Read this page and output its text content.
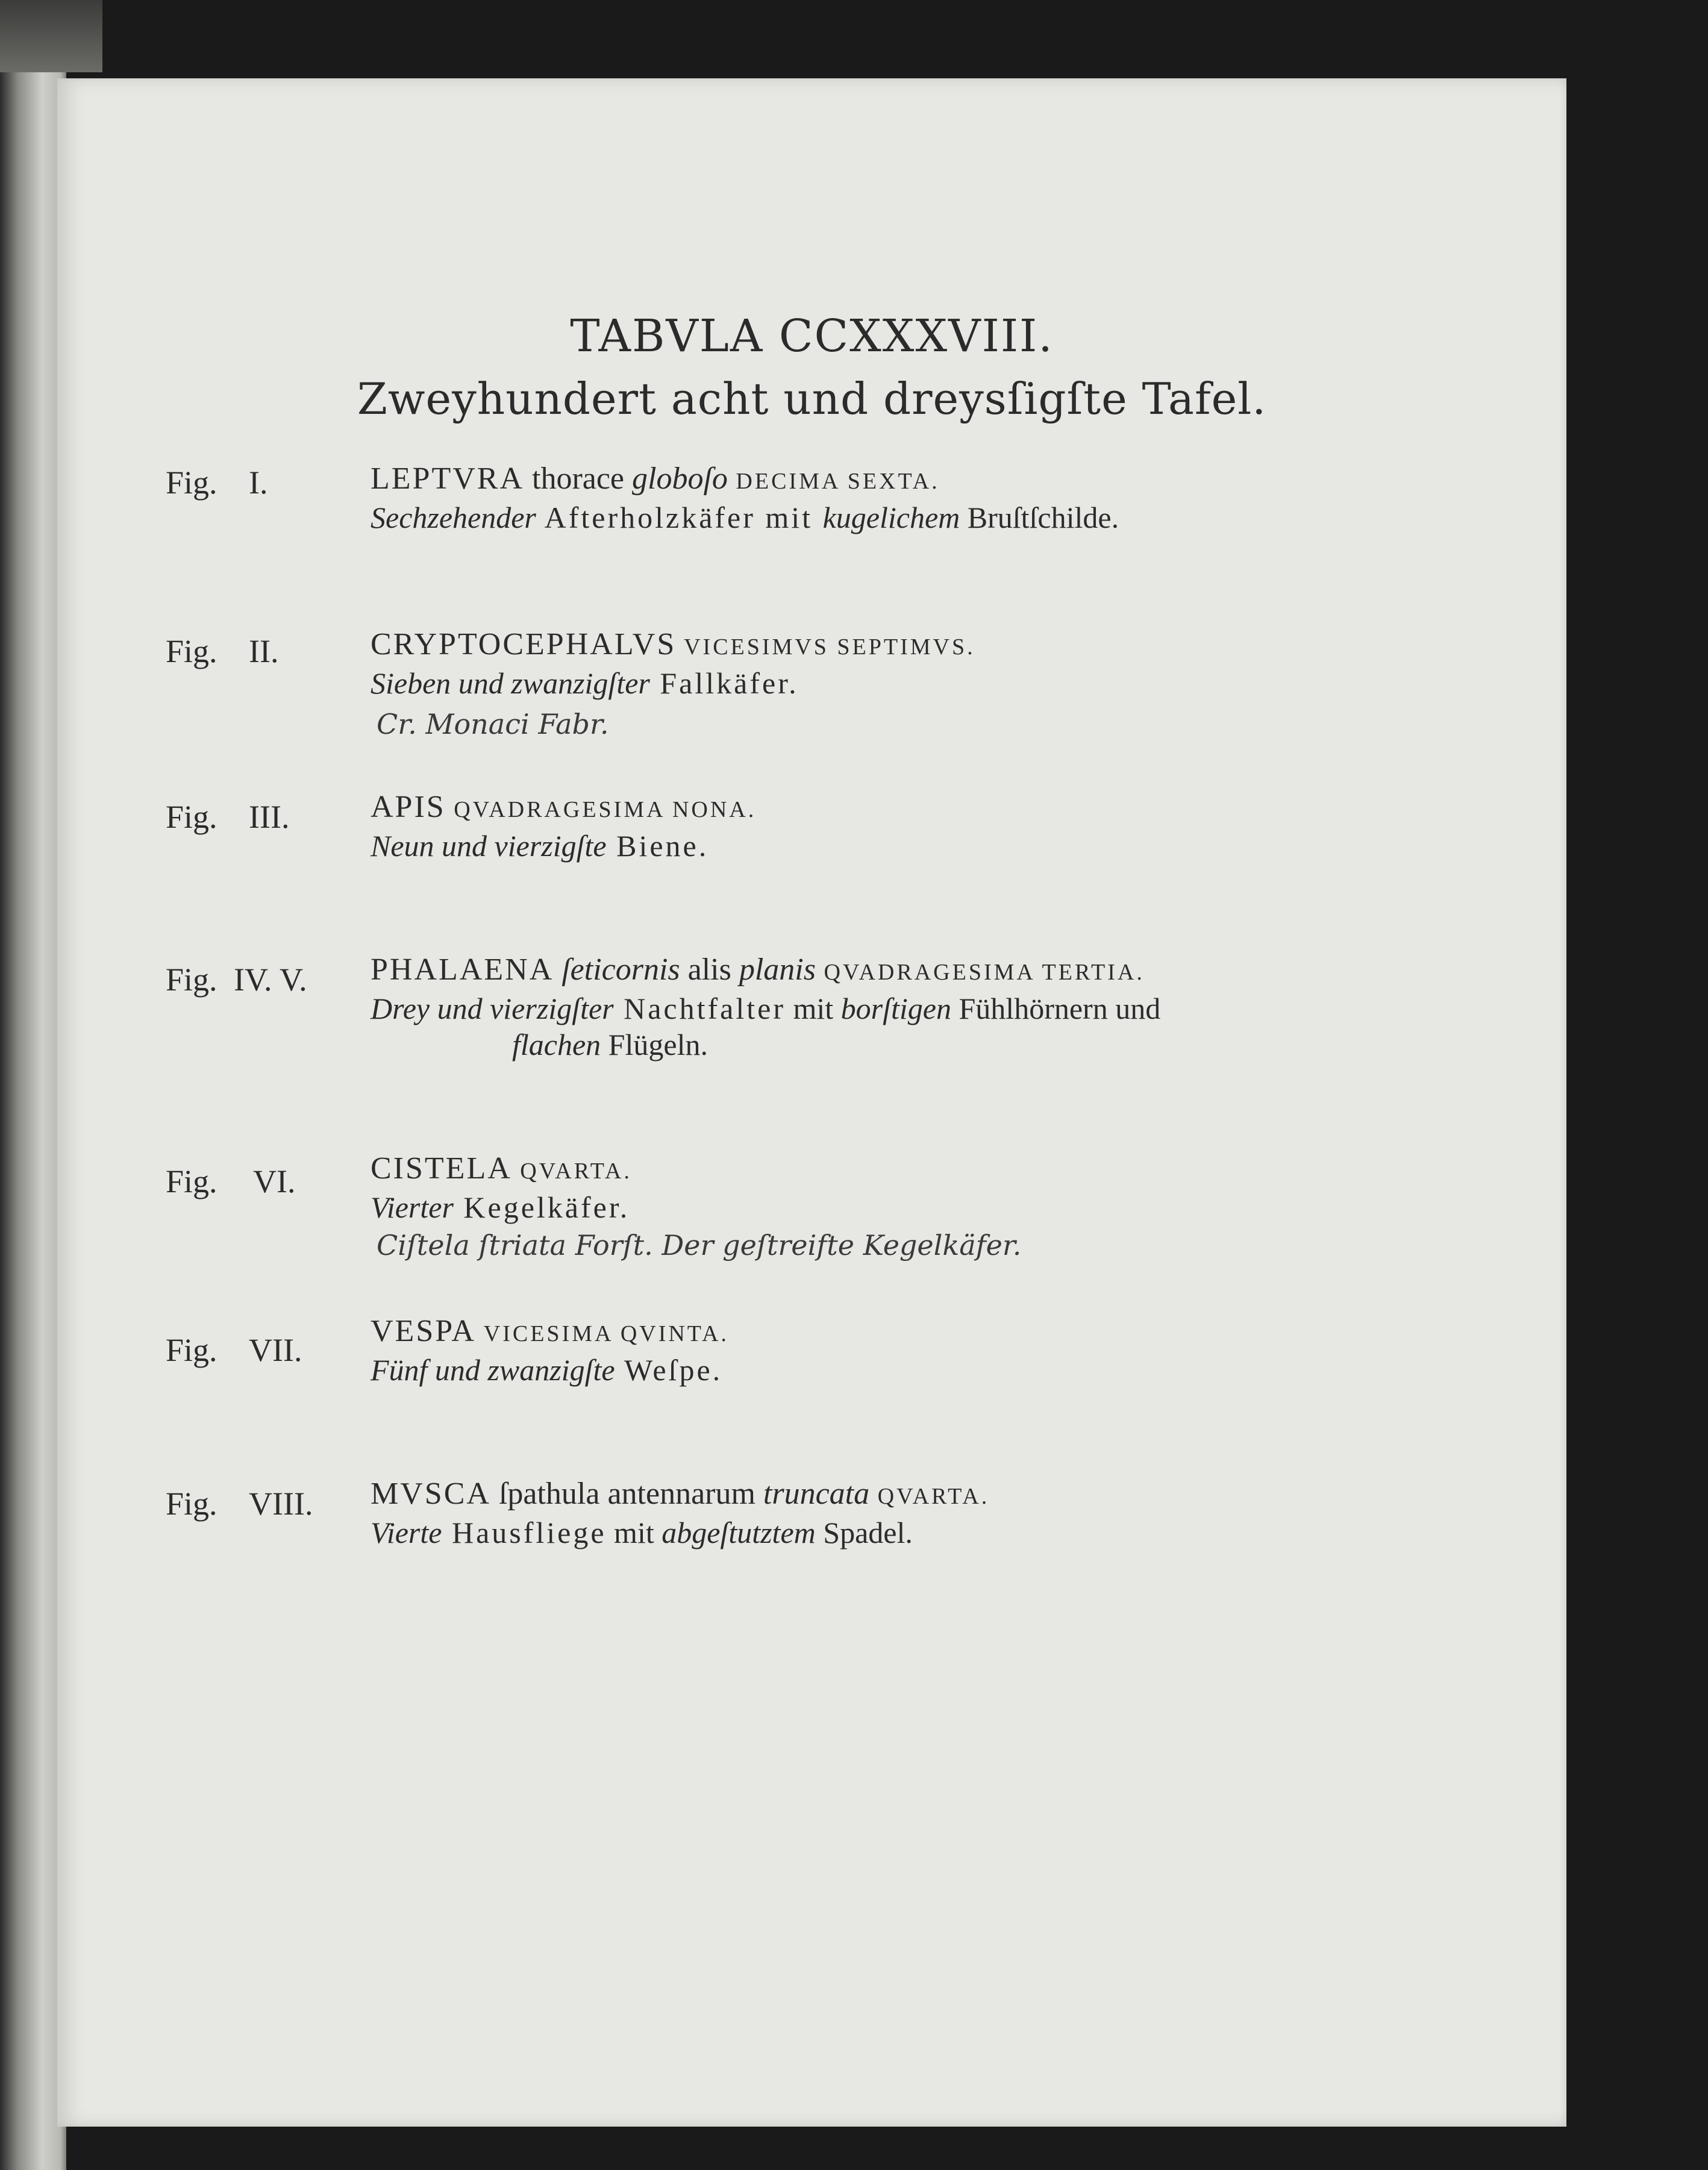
TABVLA CCXXXVIII.
Zweyhundert acht und dreysſigſte Tafel.
Fig. I.	LEPTVRA thorace globoſo DECIMA SEXTA.
Sechzehender Afterholzkäfer mit kugelichem Bruſtſchilde.
Fig. II.	CRYPTOCEPHALVS VICESIMVS SEPTIMVS.
Sieben und zwanzigſter Fallkäfer.
Cr. Monaci Fabr.
Fig. III.	APIS QVADRAGESIMA NONA.
Neun und vierzigſte Biene.
Fig. IV. V. PHALAENA ſeticornis alis planis QVADRAGESIMA TERTIA.
Drey und vierzigſter Nachtfalter mit borſtigen Fühlhörnern und
flachen Flügeln.
Fig. VI. CISTELA QVARTA.
Vierter Kegelkäfer.
Ciſtela ſtriata Forſt. Der geſtreifte Kegelkäfer.
Fig. VII.
VESPA VICESIMA QVINTA.
Fünf und zwanzigſte Weſpe.
Fig. VIII. MVSCA ſpathula antennarum truncata QVARTA.
Vierte Hausfliege mit abgeſtutztem Spadel.
